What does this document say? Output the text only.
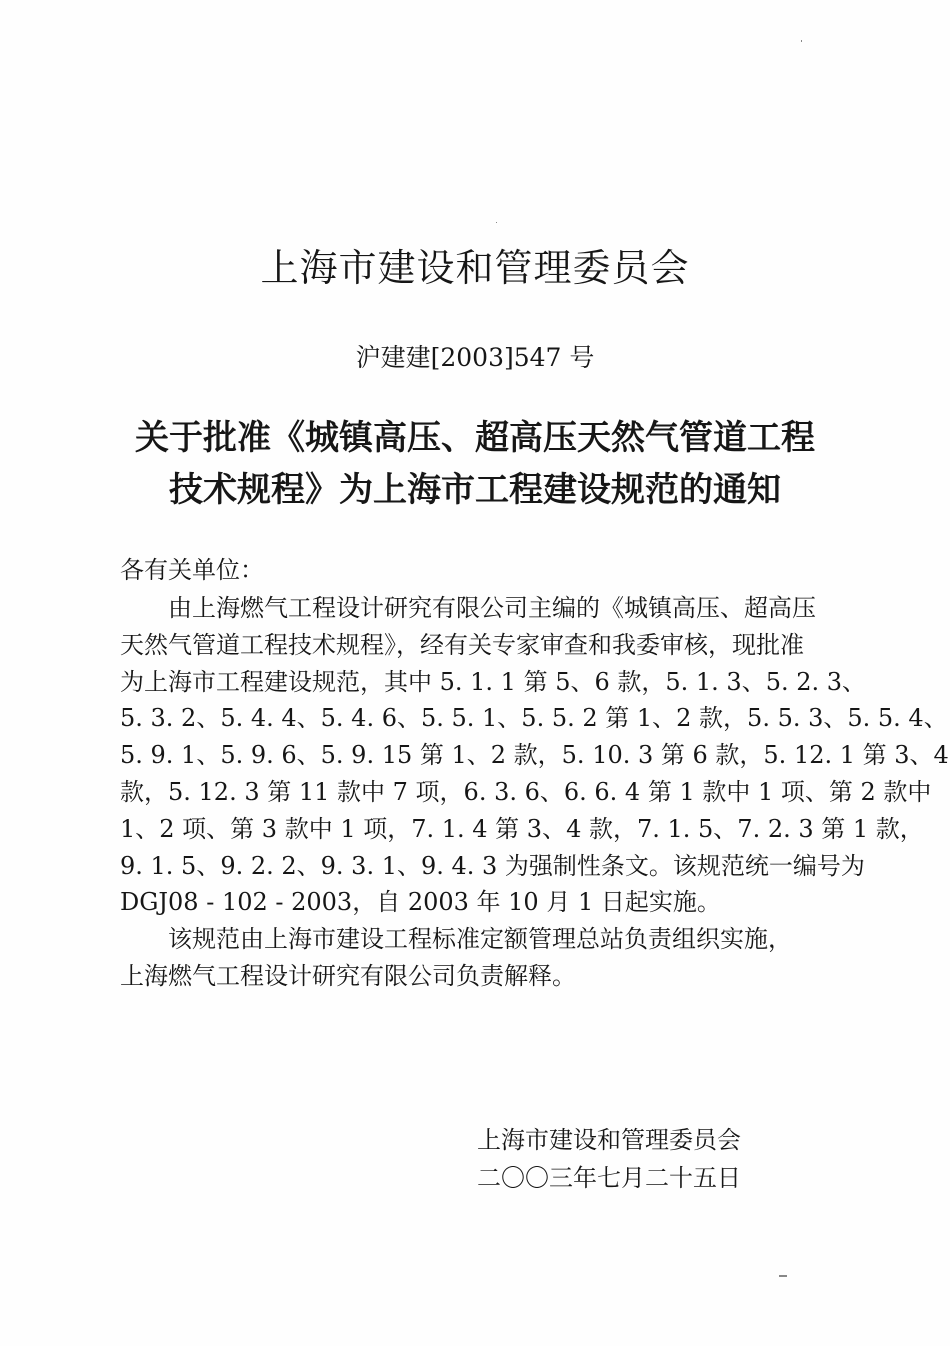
上海市建设和管理委员会
沪建建[2003]547 号
关于批准《城镇高压、超高压天然气管道工程
技术规程》为上海市工程建设规范的通知
各有关单位：
由上海燃气工程设计研究有限公司主编的《城镇高压、超高压
天然气管道工程技术规程》，经有关专家审查和我委审核，现批准
为上海市工程建设规范，其中 5. 1. 1 第 5、6 款，5. 1. 3、5. 2. 3、
5. 3. 2、5. 4. 4、5. 4. 6、5. 5. 1、5. 5. 2 第 1、2 款，5. 5. 3、5. 5. 4、
5. 9. 1、5. 9. 6、5. 9. 15 第 1、2 款，5. 10. 3 第 6 款，5. 12. 1 第 3、4
款，5. 12. 3 第 11 款中 7 项，6. 3. 6、6. 6. 4 第 1 款中 1 项、第 2 款中
1、2 项、第 3 款中 1 项，7. 1. 4 第 3、4 款，7. 1. 5、7. 2. 3 第 1 款，
9. 1. 5、9. 2. 2、9. 3. 1、9. 4. 3 为强制性条文。该规范统一编号为
DGJ08 - 102 - 2003，自 2003 年 10 月 1 日起实施。
该规范由上海市建设工程标准定额管理总站负责组织实施，
上海燃气工程设计研究有限公司负责解释。
上海市建设和管理委员会
二〇〇三年七月二十五日
